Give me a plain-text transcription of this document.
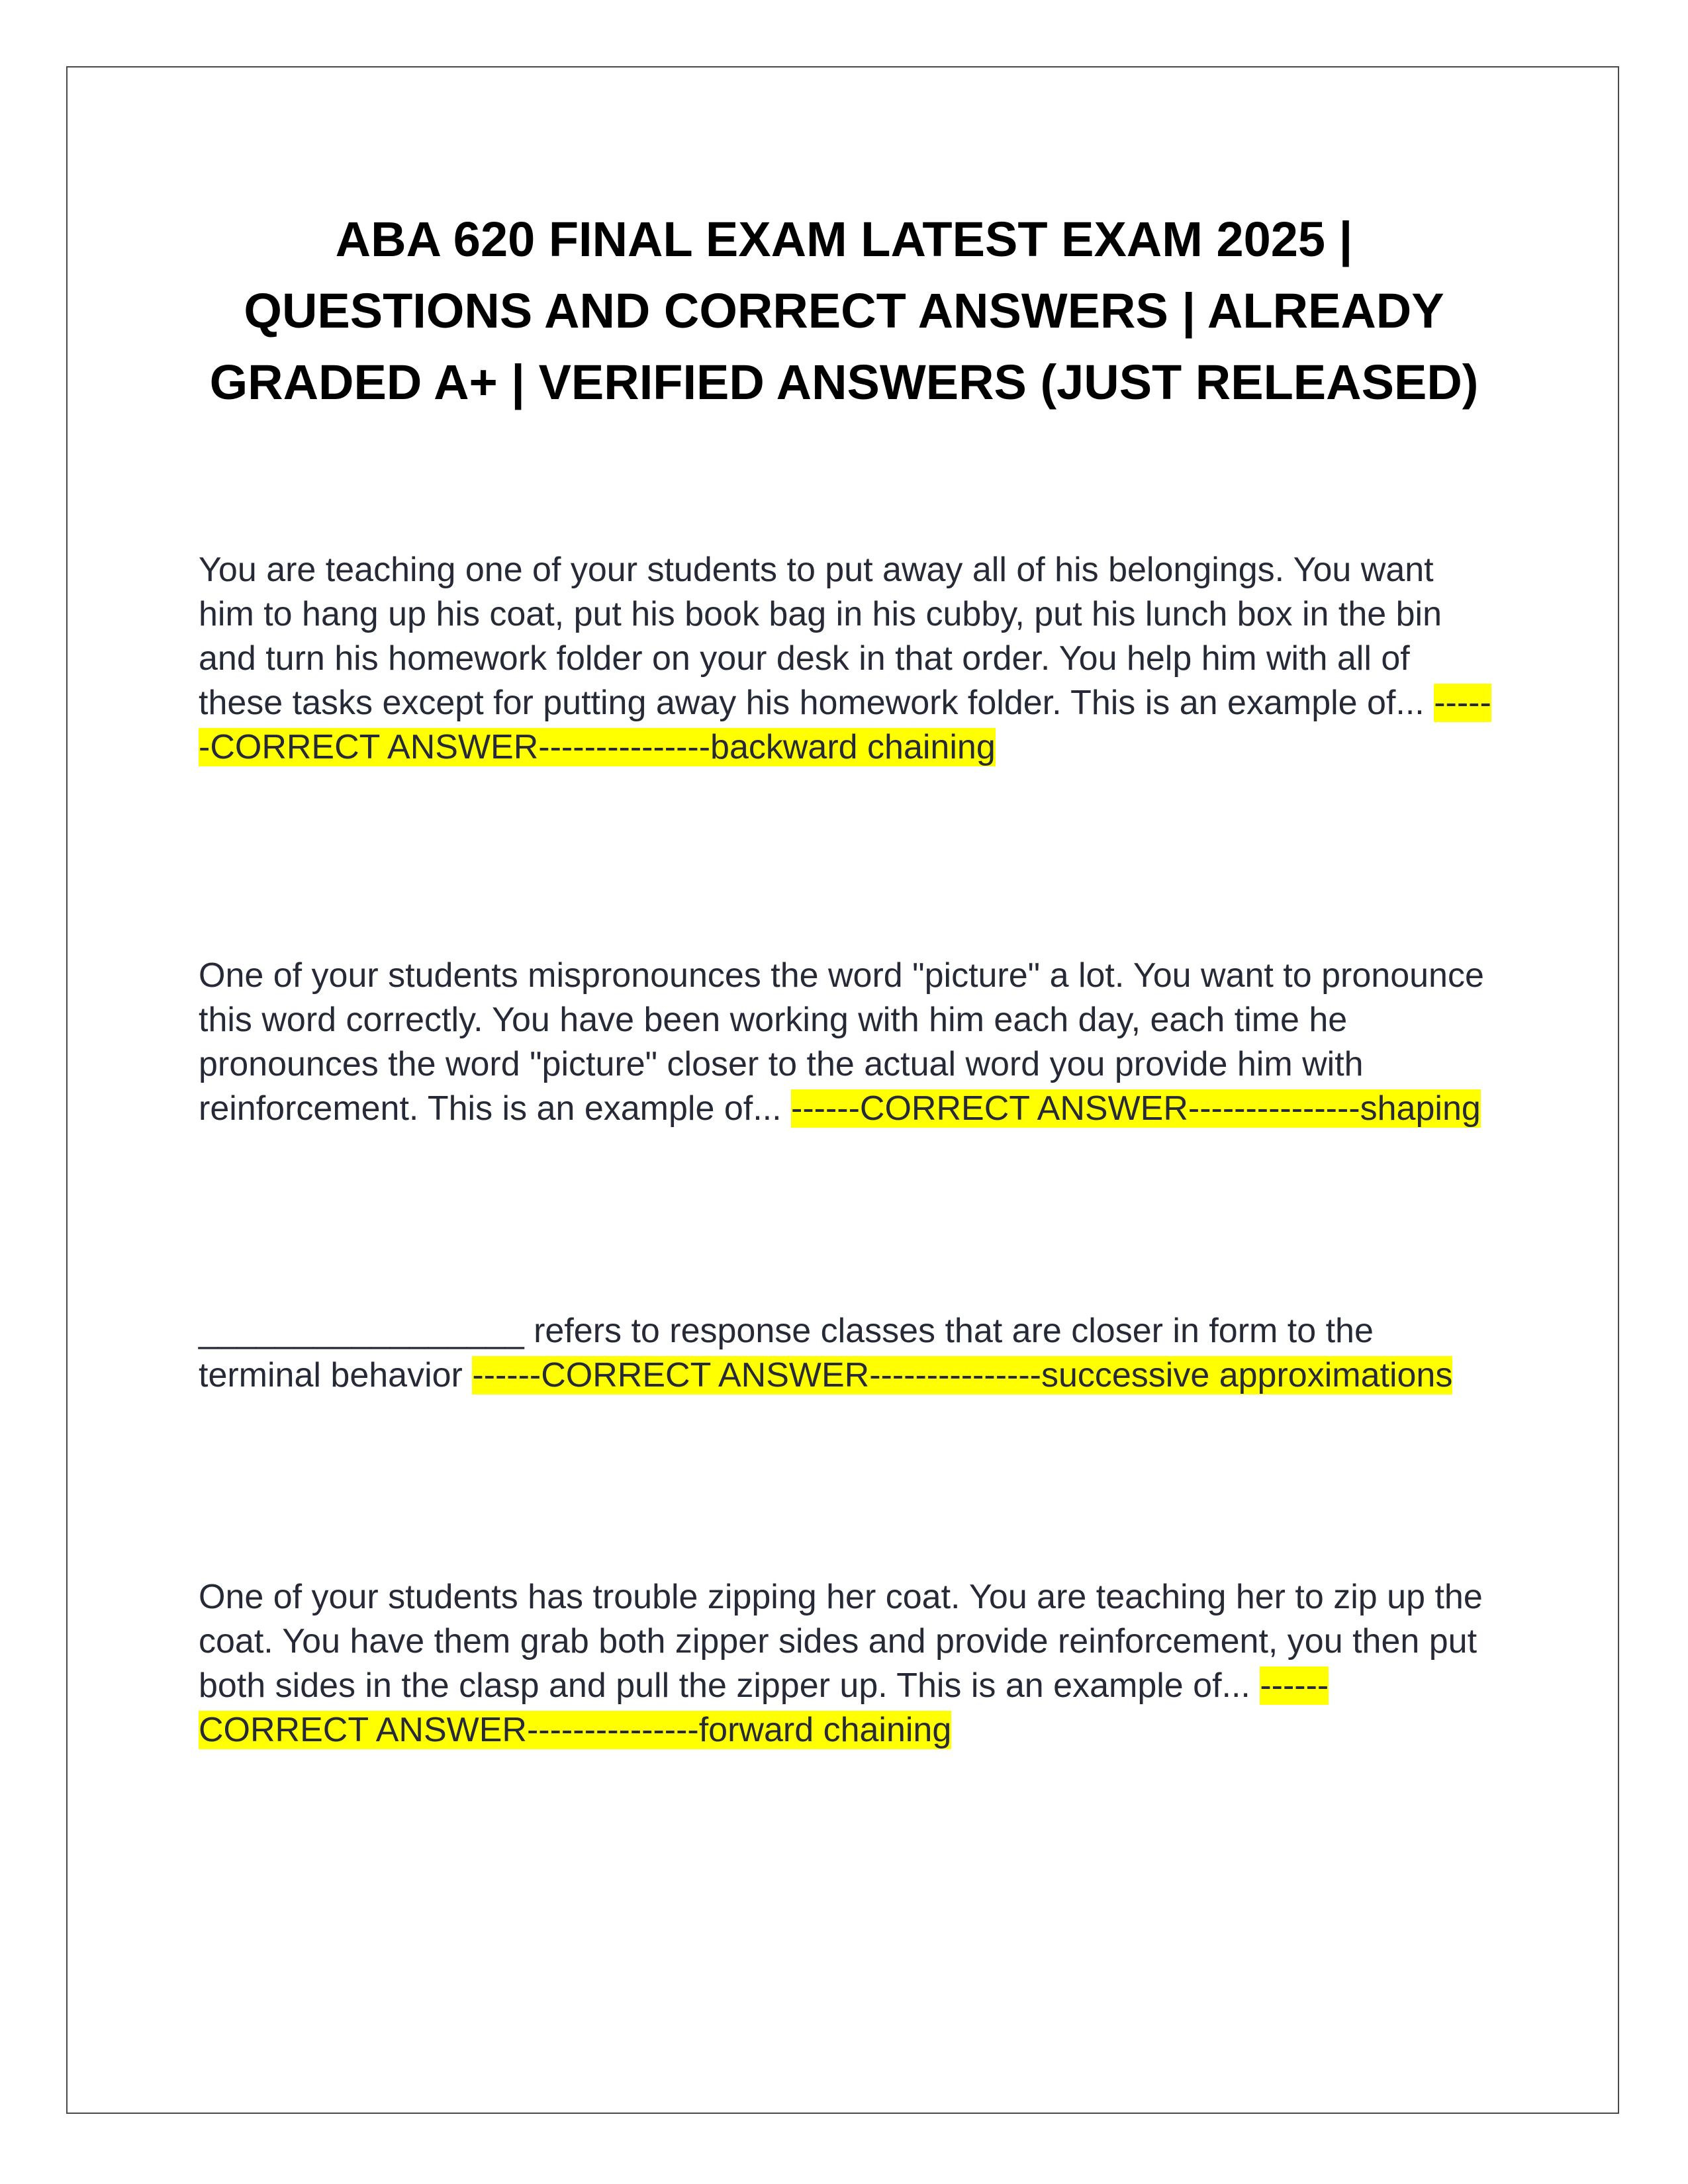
ABA 620 FINAL EXAM LATEST EXAM 2025 | QUESTIONS AND CORRECT ANSWERS | ALREADY GRADED A+ | VERIFIED ANSWERS (JUST RELEASED)

You are teaching one of your students to put away all of his belongings. You want him to hang up his coat, put his book bag in his cubby, put his lunch box in the bin and turn his homework folder on your desk in that order. You help him with all of these tasks except for putting away his homework folder. This is an example of... ------CORRECT ANSWER---------------backward chaining

One of your students mispronounces the word "picture" a lot. You want to pronounce this word correctly. You have been working with him each day, each time he pronounces the word "picture" closer to the actual word you provide him with reinforcement. This is an example of... ------CORRECT ANSWER---------------shaping

_________________ refers to response classes that are closer in form to the terminal behavior ------CORRECT ANSWER---------------successive approximations

One of your students has trouble zipping her coat. You are teaching her to zip up the coat. You have them grab both zipper sides and provide reinforcement, you then put both sides in the clasp and pull the zipper up. This is an example of... ------CORRECT ANSWER---------------forward chaining
